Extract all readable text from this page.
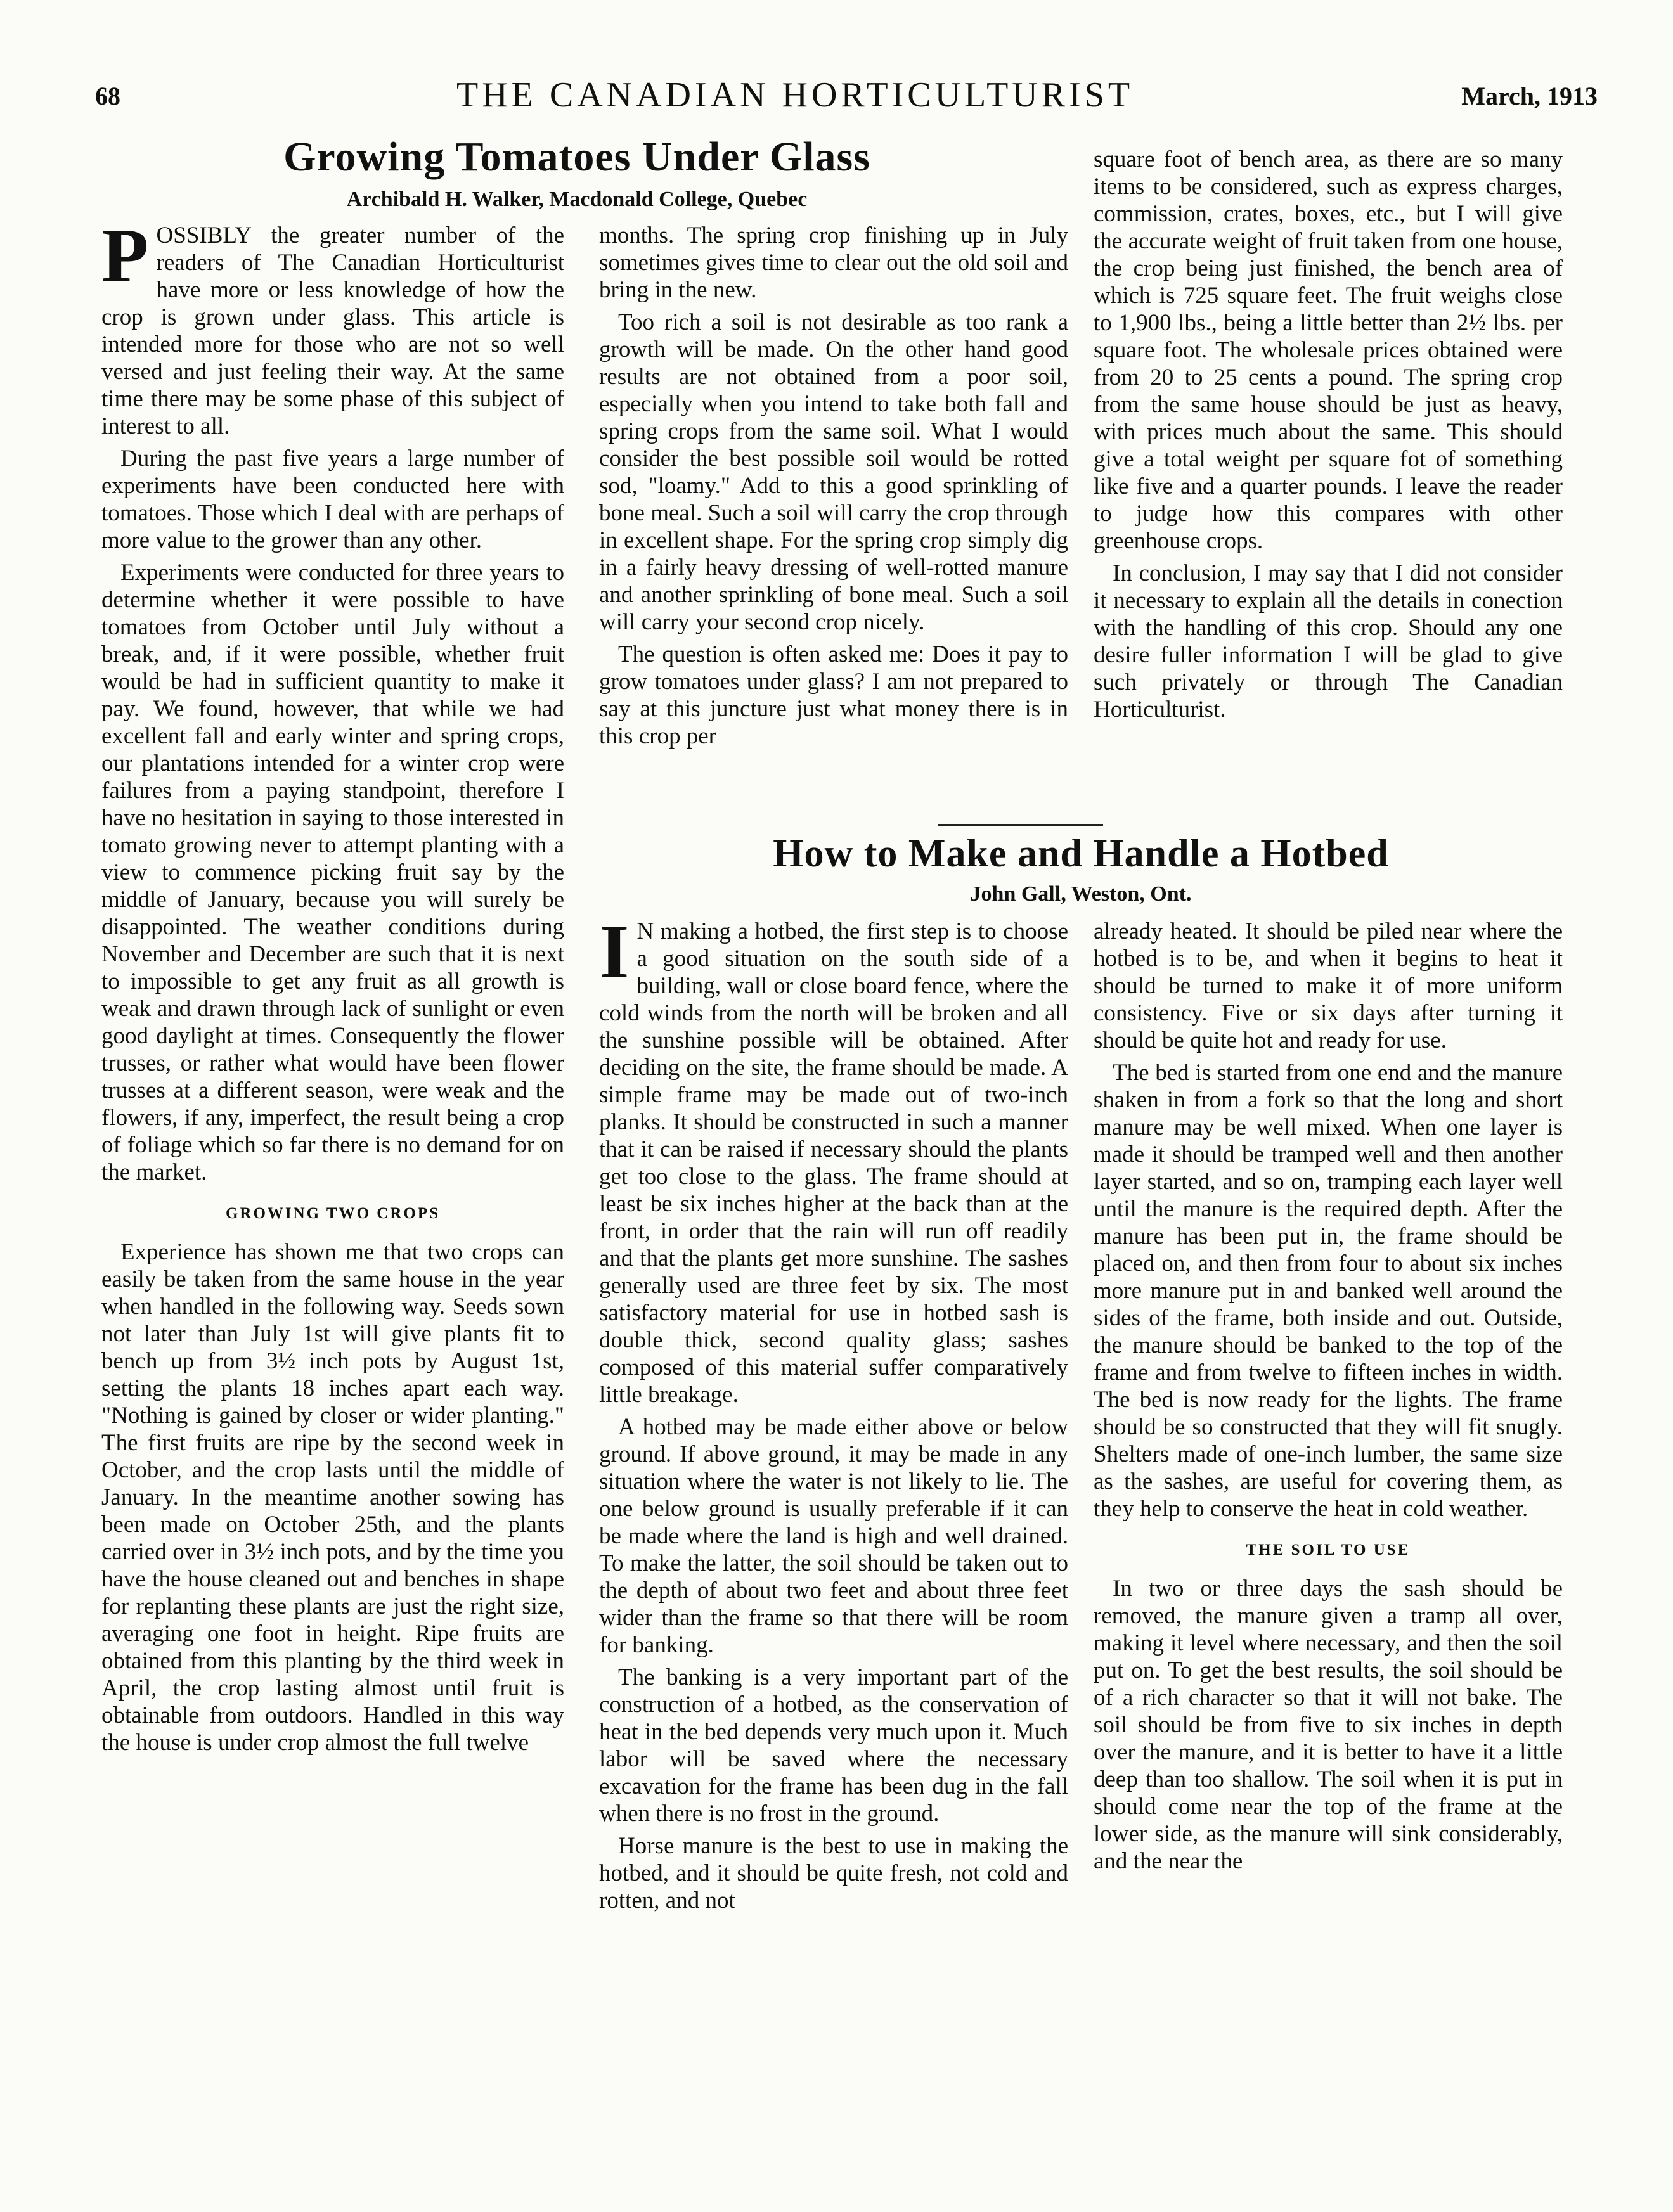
68	THE CANADIAN HORTICULTURIST	March, 1913
Growing Tomatoes Under Glass

Archibald H. Walker, Macdonald College, Quebec

POSSIBLY the greater number of the readers of The Canadian Horticulturist have more or less knowledge of how the crop is grown under glass. This article is intended more for those who are not so well versed and just feeling their way. At the same time there may be some phase of this subject of interest to all.

During the past five years a large number of experiments have been conducted here with tomatoes. Those which I deal with are perhaps of more value to the grower than any other.

Experiments were conducted for three years to determine whether it were possible to have tomatoes from October until July without a break, and, if it were possible, whether fruit would be had in sufficient quantity to make it pay. We found, however, that while we had excellent fall and early winter and spring crops, our plantations intended for a winter crop were failures from a paying standpoint, therefore I have no hesitation in saying to those interested in tomato growing never to attempt planting with a view to commence picking fruit say by the middle of January, because you will surely be disappointed. The weather conditions during November and December are such that it is next to impossible to get any fruit as all growth is weak and drawn through lack of sunlight or even good daylight at times. Consequently the flower trusses, or rather what would have been flower trusses at a different season, were weak and the flowers, if any, imperfect, the result being a crop of foliage which so far there is no demand for on the market.

GROWING TWO CROPS

Experience has shown me that two crops can easily be taken from the same house in the year when handled in the following way. Seeds sown not later than July 1st will give plants fit to bench up from 3½ inch pots by August 1st, setting the plants 18 inches apart each way. "Nothing is gained by closer or wider planting." The first fruits are ripe by the second week in October, and the crop lasts until the middle of January. In the meantime another sowing has been made on October 25th, and the plants carried over in 3½ inch pots, and by the time you have the house cleaned out and benches in shape for replanting these plants are just the right size, averaging one foot in height. Ripe fruits are obtained from this planting by the third week in April, the crop lasting almost until fruit is obtainable from outdoors. Handled in this way the house is under crop almost the full twelve

months. The spring crop finishing up in July sometimes gives time to clear out the old soil and bring in the new.

Too rich a soil is not desirable as too rank a growth will be made. On the other hand good results are not obtained from a poor soil, especially when you intend to take both fall and spring crops from the same soil. What I would consider the best possible soil would be rotted sod, "loamy." Add to this a good sprinkling of bone meal. Such a soil will carry the crop through in excellent shape. For the spring crop simply dig in a fairly heavy dressing of well-rotted manure and another sprinkling of bone meal. Such a soil will carry your second crop nicely.

The question is often asked me: Does it pay to grow tomatoes under glass? I am not prepared to say at this juncture just what money there is in this crop per

square foot of bench area, as there are so many items to be considered, such as express charges, commission, crates, boxes, etc., but I will give the accurate weight of fruit taken from one house, the crop being just finished, the bench area of which is 725 square feet. The fruit weighs close to 1,900 lbs., being a little better than 2½ lbs. per square foot. The wholesale prices obtained were from 20 to 25 cents a pound. The spring crop from the same house should be just as heavy, with prices much about the same. This should give a total weight per square fot of something like five and a quarter pounds. I leave the reader to judge how this compares with other greenhouse crops.

In conclusion, I may say that I did not consider it necessary to explain all the details in conection with the handling of this crop. Should any one desire fuller information I will be glad to give such privately or through The Canadian Horticulturist.

How to Make and Handle a Hotbed

John Gall, Weston, Ont.

I N making a hotbed, the first step is to choose a good situation on the south side of a building, wall or close board fence, where the cold winds from the north will be broken and all the sunshine possible will be obtained. After deciding on the site, the frame should be made. A simple frame may be made out of two-inch planks. It should be constructed in such a manner that it can be raised if necessary should the plants get too close to the glass. The frame should at least be six inches higher at the back than at the front, in order that the rain will run off readily and that the plants get more sunshine. The sashes generally used are three feet by six. The most satisfactory material for use in hotbed sash is double thick, second quality glass; sashes composed of this material suffer comparatively little breakage.

A hotbed may be made either above or below ground. If above ground, it may be made in any situation where the water is not likely to lie. The one below ground is usually preferable if it can be made where the land is high and well drained. To make the latter, the soil should be taken out to the depth of about two feet and about three feet wider than the frame so that there will be room for banking.

The banking is a very important part of the construction of a hotbed, as the conservation of heat in the bed depends very much upon it. Much labor will be saved where the necessary excavation for the frame has been dug in the fall when there is no frost in the ground.

Horse manure is the best to use in making the hotbed, and it should be quite fresh, not cold and rotten, and not

already heated. It should be piled near where the hotbed is to be, and when it begins to heat it should be turned to make it of more uniform consistency. Five or six days after turning it should be quite hot and ready for use.

The bed is started from one end and the manure shaken in from a fork so that the long and short manure may be well mixed. When one layer is made it should be tramped well and then another layer started, and so on, tramping each layer well until the manure is the required depth. After the manure has been put in, the frame should be placed on, and then from four to about six inches more manure put in and banked well around the sides of the frame, both inside and out. Outside, the manure should be banked to the top of the frame and from twelve to fifteen inches in width. The bed is now ready for the lights. The frame should be so constructed that they will fit snugly. Shelters made of one-inch lumber, the same size as the sashes, are useful for covering them, as they help to conserve the heat in cold weather.

THE SOIL TO USE

In two or three days the sash should be removed, the manure given a tramp all over, making it level where necessary, and then the soil put on. To get the best results, the soil should be of a rich character so that it will not bake. The soil should be from five to six inches in depth over the manure, and it is better to have it a little deep than too shallow. The soil when it is put in should come near the top of the frame at the lower side, as the manure will sink considerably, and the near the
